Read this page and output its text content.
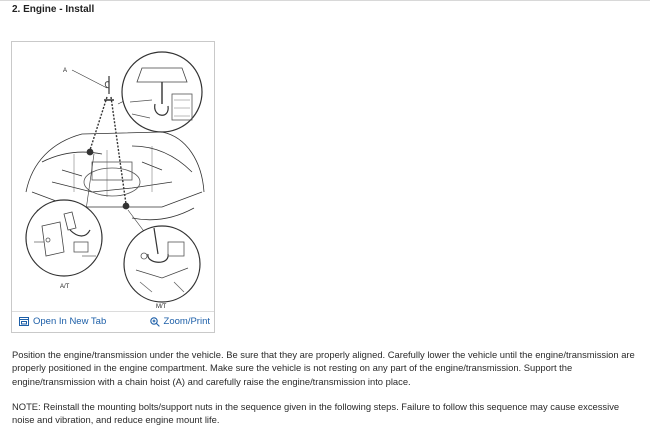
2. Engine - Install
A
A/T
M/T
Open In New Tab	Zoom/Print
Position the engine/transmission under the vehicle. Be sure that they are properly aligned. Carefully lower the vehicle until the engine/transmission are properly positioned in the engine compartment. Make sure the vehicle is not resting on any part of the engine/transmission. Support the engine/transmission with a chain hoist (A) and carefully raise the engine/transmission into place.
NOTE: Reinstall the mounting bolts/support nuts in the sequence given in the following steps. Failure to follow this sequence may cause excessive noise and vibration, and reduce engine mount life.
